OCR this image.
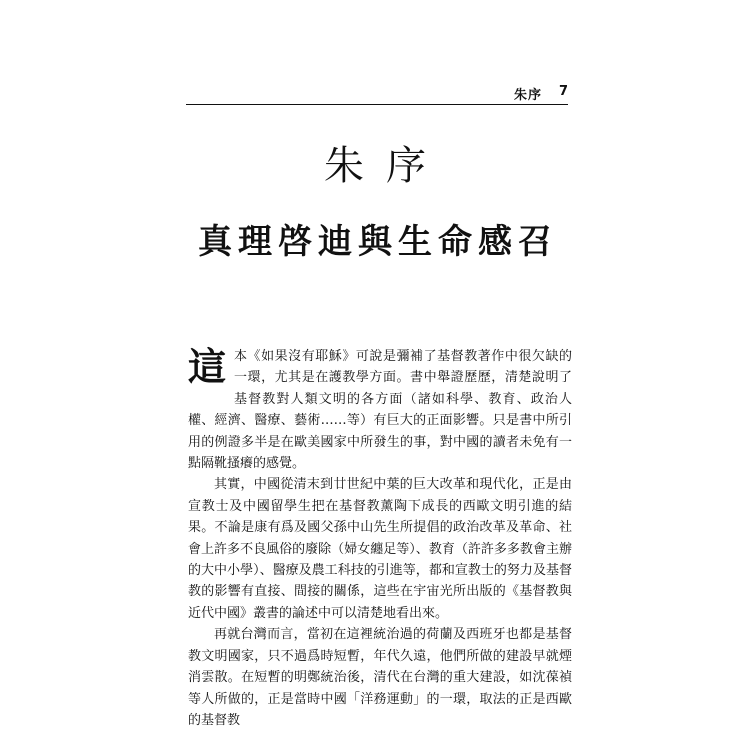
朱序 7
朱序
真理啓迪與生命感召

這本《如果沒有耶穌》可說是彌補了基督教著作中很欠缺的一環，尤其是在護教學方面。書中舉證歷歷，清楚說明了基督教對人類文明的各方面（諸如科學、教育、政治人權、經濟、醫療、藝術……等）有巨大的正面影響。只是書中所引用的例證多半是在歐美國家中所發生的事，對中國的讀者未免有一點隔靴搔癢的感覺。

其實，中國從清末到廿世紀中葉的巨大改革和現代化，正是由宣教士及中國留學生把在基督教薰陶下成長的西歐文明引進的結果。不論是康有爲及國父孫中山先生所提倡的政治改革及革命、社會上許多不良風俗的廢除（婦女纏足等）、教育（許許多多教會主辦的大中小學）、醫療及農工科技的引進等，都和宣教士的努力及基督教的影響有直接、間接的關係，這些在宇宙光所出版的《基督教與近代中國》叢書的論述中可以清楚地看出來。

再就台灣而言，當初在這裡統治過的荷蘭及西班牙也都是基督教文明國家，只不過爲時短暫，年代久遠，他們所做的建設早就煙消雲散。在短暫的明鄭統治後，清代在台灣的重大建設，如沈葆禎等人所做的，正是當時中國「洋務運動」的一環，取法的正是西歐的基督教
